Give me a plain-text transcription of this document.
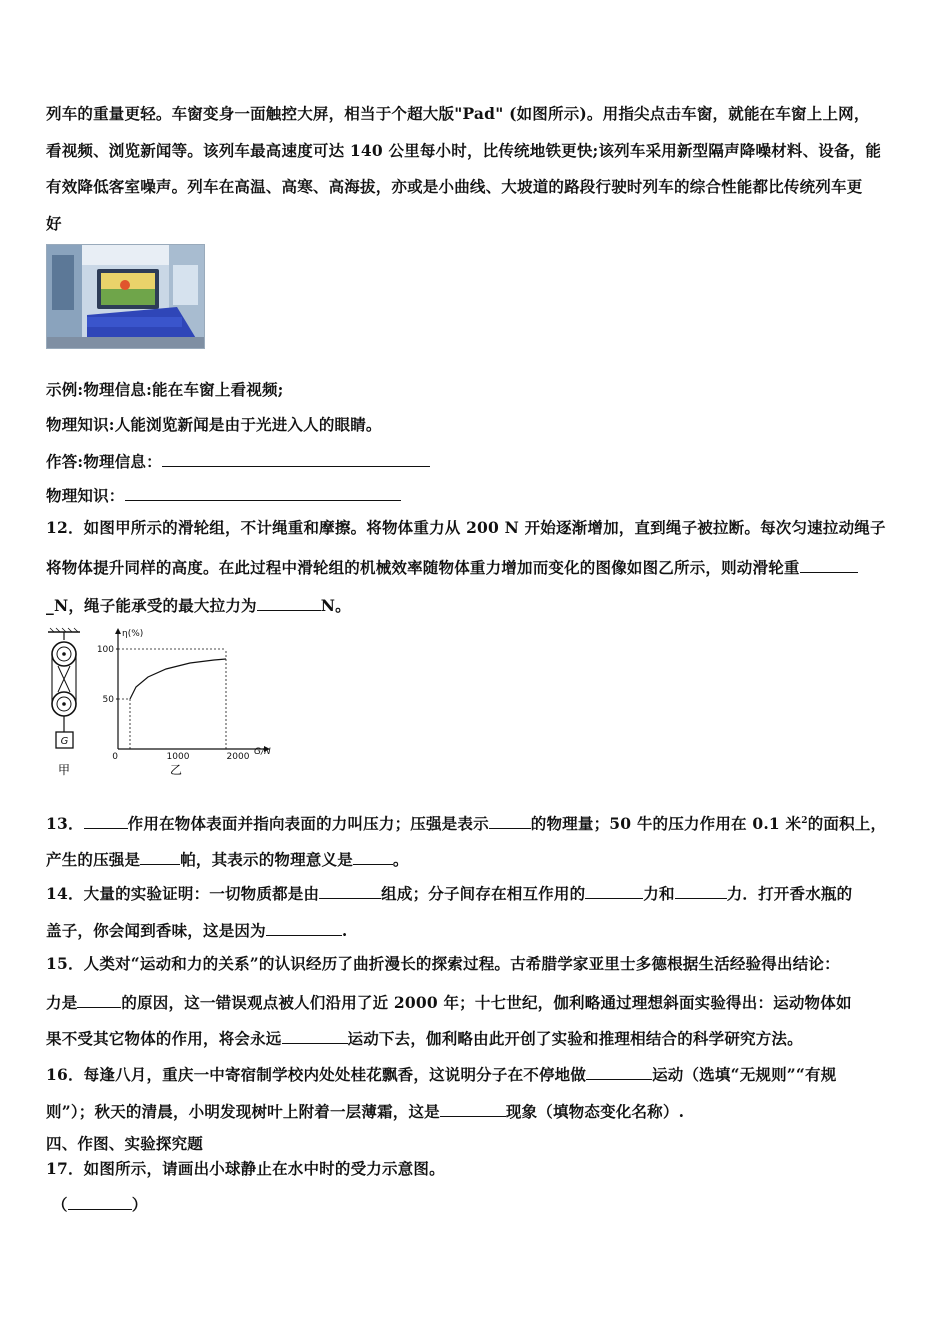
列车的重量更轻。车窗变身一面触控大屏，相当于个超大版"Pad" (如图所示)。用指尖点击车窗，就能在车窗上上网，
看视频、浏览新闻等。该列车最高速度可达 140 公里每小时，比传统地铁更快;该列车采用新型隔声降噪材料、设备，能
有效降低客室噪声。列车在高温、高寒、高海拔，亦或是小曲线、大坡道的路段行驶时列车的综合性能都比传统列车更
好
示例:物理信息:能在车窗上看视频;
物理知识:人能浏览新闻是由于光进入人的眼睛。
作答:物理信息：
物理知识：
12．如图甲所示的滑轮组，不计绳重和摩擦。将物体重力从 200 N 开始逐渐增加，直到绳子被拉断。每次匀速拉动绳子
将物体提升同样的高度。在此过程中滑轮组的机械效率随物体重力增加而变化的图像如图乙所示，则动滑轮重
_N，绳子能承受的最大拉力为	N。
G
甲
η(%)
G/N
0	1000	2000
50
100
乙
13．	作用在物体表面并指向表面的力叫压力；压强是表示	的物理量；50 牛的压力作用在 0.1 米$^2$的面积上，
产生的压强是	帕，其表示的物理意义是	。
14．大量的实验证明：一切物质都是由	组成；分子间存在相互作用的	力和	力．打开香水瓶的
盖子，你会闻到香味，这是因为	.
15．人类对“运动和力的关系”的认识经历了曲折漫长的探索过程。古希腊学家亚里士多德根据生活经验得出结论：
力是	的原因，这一错误观点被人们沿用了近 2000 年；十七世纪，伽利略通过理想斜面实验得出：运动物体如
果不受其它物体的作用，将会永远	运动下去，伽利略由此开创了实验和推理相结合的科学研究方法。
16．每逢八月，重庆一中寄宿制学校内处处桂花飘香，这说明分子在不停地做	运动（选填“无规则”“有规
则”）；秋天的清晨，小明发现树叶上附着一层薄霜，这是	现象（填物态变化名称）.
四、作图、实验探究题
17．如图所示，请画出小球静止在水中时的受力示意图。
（	）
